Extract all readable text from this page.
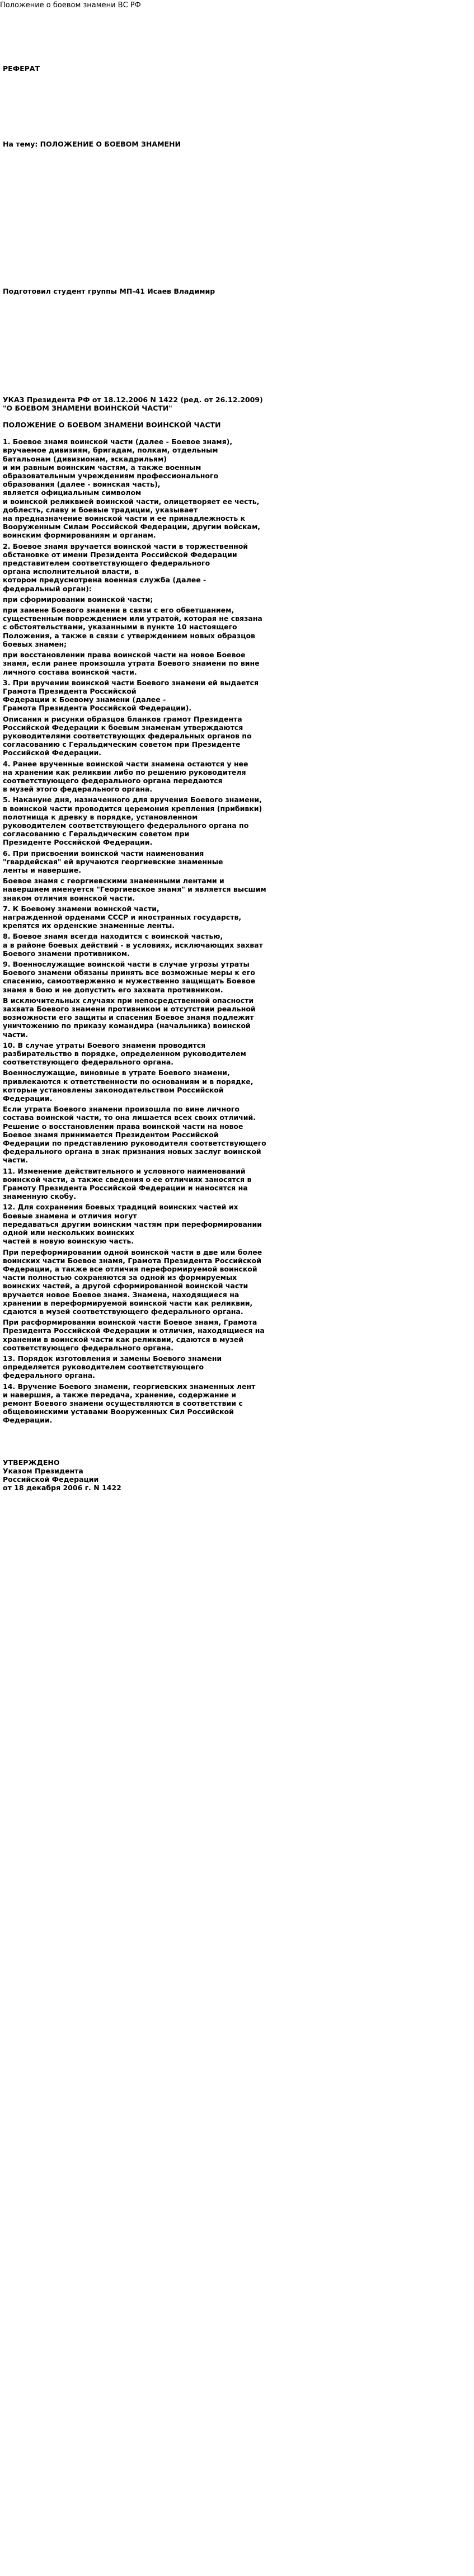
Положение о боевом знамени ВС РФ

РЕФЕРАТ

На тему: ПОЛОЖЕНИЕ О БОЕВОМ ЗНАМЕНИ

Подготовил студент группы МП-41 Исаев Владимир

УКАЗ Президента РФ от 18.12.2006 N 1422 (ред. от 26.12.2009)

"О БОЕВОМ ЗНАМЕНИ ВОИНСКОЙ ЧАСТИ"

ПОЛОЖЕНИЕ О БОЕВОМ ЗНАМЕНИ ВОИНСКОЙ ЧАСТИ

1. Боевое знамя воинской части (далее - Боевое знамя),

вручаемое дивизиям, бригадам, полкам, отдельным

батальонам (дивизионам, эскадрильям)

и им равным воинским частям, а также военным

образовательным учреждениям профессионального

образования (далее - воинская часть),

является официальным символом

и воинской реликвией воинской части, олицетворяет ее честь,

доблесть, славу и боевые традиции, указывает

на предназначение воинской части и ее принадлежность к

Вооруженным Силам Российской Федерации, другим войскам,

воинским формированиям и органам.

2. Боевое знамя вручается воинской части в торжественной

обстановке от имени Президента Российской Федерации

представителем соответствующего федерального

органа исполнительной власти, в

котором предусмотрена военная служба (далее -

федеральный орган):

при сформировании воинской части;

при замене Боевого знамени в связи с его обветшанием,

существенным повреждением или утратой, которая не связана

с обстоятельствами, указанными в пункте 10 настоящего

Положения, а также в связи с утверждением новых образцов

боевых знамен;

при восстановлении права воинской части на новое Боевое

знамя, если ранее произошла утрата Боевого знамени по вине

личного состава воинской части.

3. При вручении воинской части Боевого знамени ей выдается

Грамота Президента Российской

Федерации к Боевому знамени (далее -

Грамота Президента Российской Федерации).

Описания и рисунки образцов бланков грамот Президента

Российской Федерации к боевым знаменам утверждаются

руководителями соответствующих федеральных органов по

согласованию с Геральдическим советом при Президенте

Российской Федерации.

4. Ранее врученные воинской части знамена остаются у нее

на хранении как реликвии либо по решению руководителя

соответствующего федерального органа передаются

в музей этого федерального органа.

5. Накануне дня, назначенного для вручения Боевого знамени,

в воинской части проводится церемония крепления (прибивки)

полотнища к древку в порядке, установленном

руководителем соответствующего федерального органа по

согласованию с Геральдическим советом при

Президенте Российской Федерации.

6. При присвоении воинской части наименования

"гвардейская" ей вручаются георгиевские знаменные

ленты и навершие.

Боевое знамя с георгиевскими знаменными лентами и

навершием именуется "Георгиевское знамя" и является высшим

знаком отличия воинской части.

7. К Боевому знамени воинской части,

награжденной орденами СССР и иностранных государств,

крепятся их орденские знаменные ленты.

8. Боевое знамя всегда находится с воинской частью,

а в районе боевых действий - в условиях, исключающих захват

Боевого знамени противником.

9. Военнослужащие воинской части в случае угрозы утраты

Боевого знамени обязаны принять все возможные меры к его

спасению, самоотверженно и мужественно защищать Боевое

знамя в бою и не допустить его захвата противником.

В исключительных случаях при непосредственной опасности

захвата Боевого знамени противником и отсутствии реальной

возможности его защиты и спасения Боевое знамя подлежит

уничтожению по приказу командира (начальника) воинской

части.

10. В случае утраты Боевого знамени проводится

разбирательство в порядке, определенном руководителем

соответствующего федерального органа.

Военнослужащие, виновные в утрате Боевого знамени,

привлекаются к ответственности по основаниям и в порядке,

которые установлены законодательством Российской

Федерации.

Если утрата Боевого знамени произошла по вине личного

состава воинской части, то она лишается всех своих отличий.

Решение о восстановлении права воинской части на новое

Боевое знамя принимается Президентом Российской

Федерации по представлению руководителя соответствующего

федерального органа в знак признания новых заслуг воинской

части.

11. Изменение действительного и условного наименований

воинской части, а также сведения о ее отличиях заносятся в

Грамоту Президента Российской Федерации и наносятся на

знаменную скобу.

12. Для сохранения боевых традиций воинских частей их

боевые знамена и отличия могут

передаваться другим воинским частям при переформировании

одной или нескольких воинских

частей в новую воинскую часть.

При переформировании одной воинской части в две или более

воинских части Боевое знамя, Грамота Президента Российской

Федерации, а также все отличия переформируемой воинской

части полностью сохраняются за одной из формируемых

воинских частей, а другой сформированной воинской части

вручается новое Боевое знамя. Знамена, находящиеся на

хранении в переформируемой воинской части как реликвии,

сдаются в музей соответствующего федерального органа.

При расформировании воинской части Боевое знамя, Грамота

Президента Российской Федерации и отличия, находящиеся на

хранении в воинской части как реликвии, сдаются в музей

соответствующего федерального органа.

13. Порядок изготовления и замены Боевого знамени

определяется руководителем соответствующего

федерального органа.

14. Вручение Боевого знамени, георгиевских знаменных лент

и навершия, а также передача, хранение, содержание и

ремонт Боевого знамени осуществляются в соответствии с

общевоинскими уставами Вооруженных Сил Российской

Федерации.

УТВЕРЖДЕНО

Указом Президента

Российской Федерации

от 18 декабря 2006 г. N 1422
